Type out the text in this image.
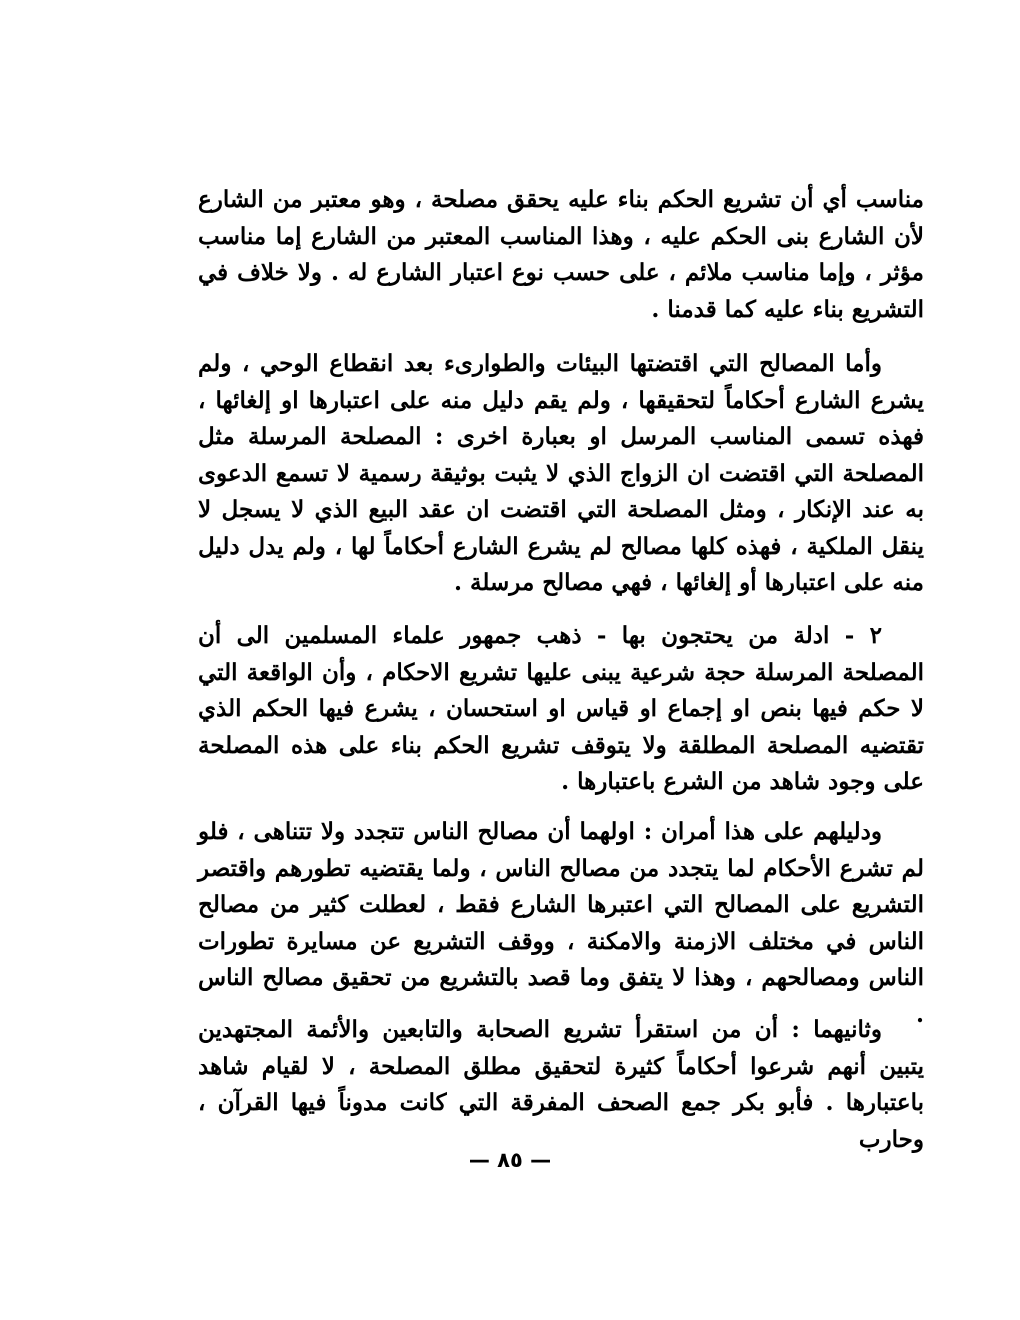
مناسب أي أن تشريع الحكم بناء عليه يحقق مصلحة ، وهو معتبر من الشارع لأن الشارع بنى الحكم عليه ، وهذا المناسب المعتبر من الشارع إما مناسب مؤثر ، وإما مناسب ملائم ، على حسب نوع اعتبار الشارع له . ولا خلاف في التشريع بناء عليه كما قدمنا .

وأما المصالح التي اقتضتها البيئات والطوارىء بعد انقطاع الوحي ، ولم يشرع الشارع أحكاماً لتحقيقها ، ولم يقم دليل منه على اعتبارها او إلغائها ، فهذه تسمى المناسب المرسل او بعبارة اخرى : المصلحة المرسلة مثل المصلحة التي اقتضت ان الزواج الذي لا يثبت بوثيقة رسمية لا تسمع الدعوى به عند الإنكار ، ومثل المصلحة التي اقتضت ان عقد البيع الذي لا يسجل لا ينقل الملكية ، فهذه كلها مصالح لم يشرع الشارع أحكاماً لها ، ولم يدل دليل منه على اعتبارها أو إلغائها ، فهي مصالح مرسلة .

٢ - ادلة من يحتجون بها - ذهب جمهور علماء المسلمين الى أن المصلحة المرسلة حجة شرعية يبنى عليها تشريع الاحكام ، وأن الواقعة التي لا حكم فيها بنص او إجماع او قياس او استحسان ، يشرع فيها الحكم الذي تقتضيه المصلحة المطلقة ولا يتوقف تشريع الحكم بناء على هذه المصلحة على وجود شاهد من الشرع باعتبارها .

ودليلهم على هذا أمران : اولهما أن مصالح الناس تتجدد ولا تتناهى ، فلو لم تشرع الأحكام لما يتجدد من مصالح الناس ، ولما يقتضيه تطورهم واقتصر التشريع على المصالح التي اعتبرها الشارع فقط ، لعطلت كثير من مصالح الناس في مختلف الازمنة والامكنة ، ووقف التشريع عن مسايرة تطورات الناس ومصالحهم ، وهذا لا يتفق وما قصد بالتشريع من تحقيق مصالح الناس .

وثانيهما : أن من استقرأ تشريع الصحابة والتابعين والأئمة المجتهدين يتبين أنهم شرعوا أحكاماً كثيرة لتحقيق مطلق المصلحة ، لا لقيام شاهد باعتبارها . فأبو بكر جمع الصحف المفرقة التي كانت مدوناً فيها القرآن ، وحارب

— ٨٥ —
